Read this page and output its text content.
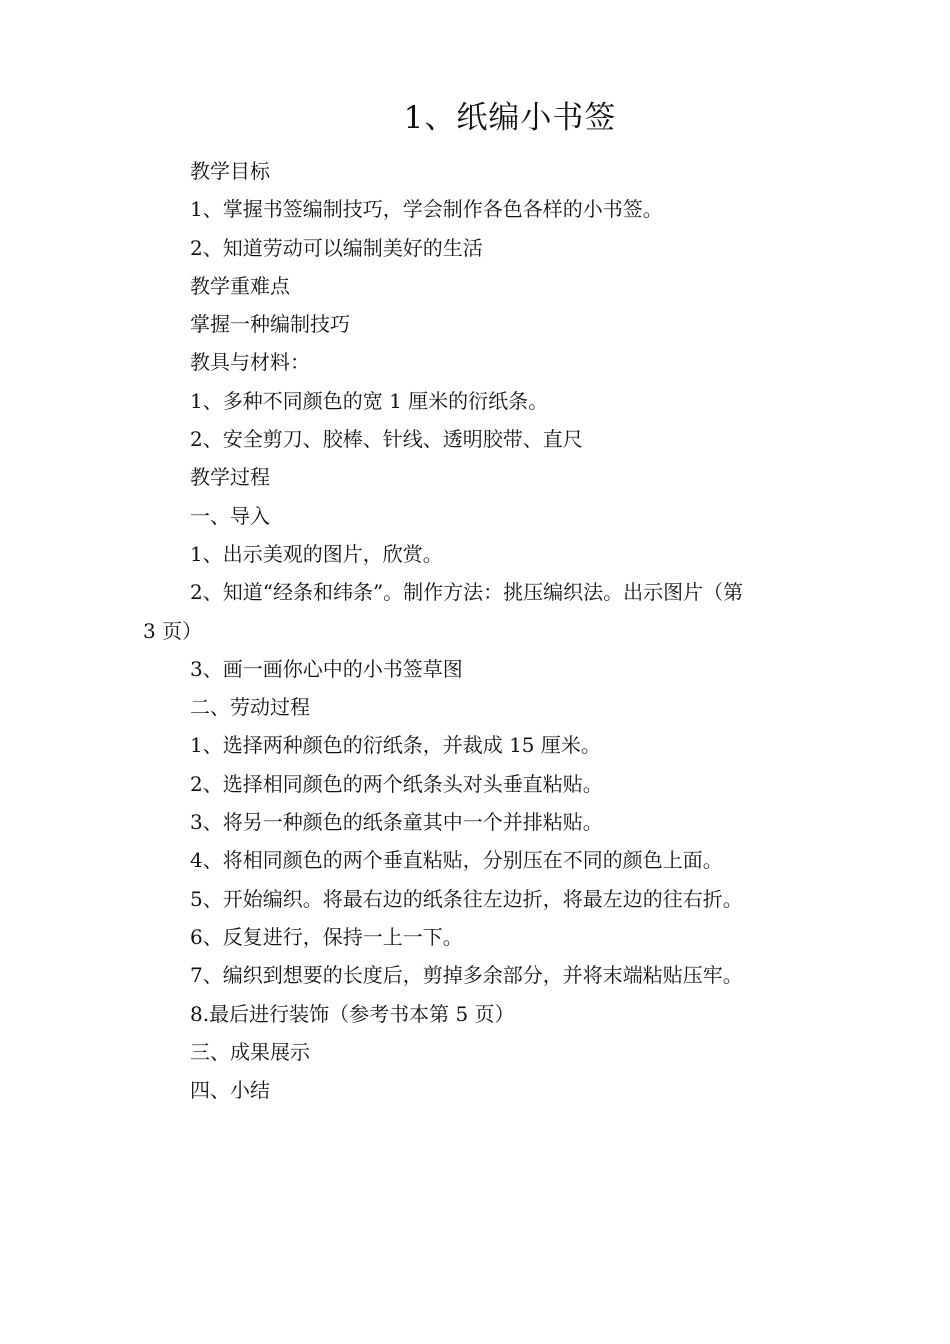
1、纸编小书签

教学目标

1、掌握书签编制技巧，学会制作各色各样的小书签。

2、知道劳动可以编制美好的生活

教学重难点

掌握一种编制技巧

教具与材料：

1、多种不同颜色的宽 1 厘米的衍纸条。

2、安全剪刀、胶棒、针线、透明胶带、直尺

教学过程

一、导入

1、出示美观的图片，欣赏。

2、知道“经条和纬条”。制作方法：挑压编织法。出示图片（第

3 页）

3、画一画你心中的小书签草图

二、劳动过程

1、选择两种颜色的衍纸条，并裁成 15 厘米。

2、选择相同颜色的两个纸条头对头垂直粘贴。

3、将另一种颜色的纸条童其中一个并排粘贴。

4、将相同颜色的两个垂直粘贴，分别压在不同的颜色上面。

5、开始编织。将最右边的纸条往左边折，将最左边的往右折。

6、反复进行，保持一上一下。

7、编织到想要的长度后，剪掉多余部分，并将末端粘贴压牢。

8.最后进行装饰（参考书本第 5 页）

三、成果展示

四、小结
